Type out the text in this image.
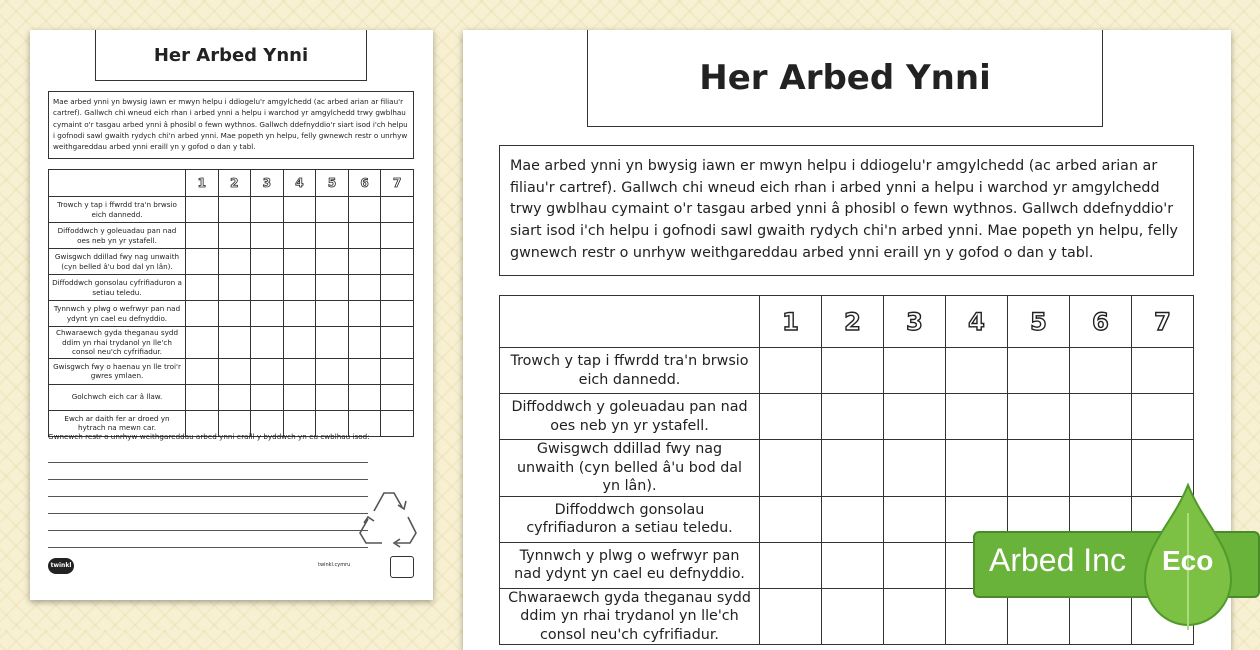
Her Arbed Ynni
Mae arbed ynni yn bwysig iawn er mwyn helpu i ddiogelu'r amgylchedd (ac arbed arian ar filiau'r cartref). Gallwch chi wneud eich rhan i arbed ynni a helpu i warchod yr amgylchedd trwy gwblhau cymaint o'r tasgau arbed ynni â phosibl o fewn wythnos. Gallwch ddefnyddio'r siart isod i'ch helpu i gofnodi sawl gwaith rydych chi'n arbed ynni. Mae popeth yn helpu, felly gwnewch restr o unrhyw weithgareddau arbed ynni eraill yn y gofod o dan y tabl.
	1	2	3	4	5	6	7
Trowch y tap i ffwrdd tra'n brwsio eich dannedd.							
Diffoddwch y goleuadau pan nad oes neb yn yr ystafell.							
Gwisgwch ddillad fwy nag unwaith (cyn belled â'u bod dal yn lân).							
Diffoddwch gonsolau cyfrifiaduron a setiau teledu.							
Tynnwch y plwg o wefrwyr pan nad ydynt yn cael eu defnyddio.							
Chwaraewch gyda theganau sydd ddim yn rhai trydanol yn lle'ch consol neu'ch cyfrifiadur.							
Gwisgwch fwy o haenau yn lle troi'r gwres ymlaen.							
Golchwch eich car â llaw.							
Ewch ar daith fer ar droed yn hytrach na mewn car.							
Gwnewch restr o unrhyw weithgareddau arbed ynni eraill y byddwch yn eu cwblhau isod:
twinkl	twinkl.cymru
Her Arbed Ynni
Mae arbed ynni yn bwysig iawn er mwyn helpu i ddiogelu'r amgylchedd (ac arbed arian ar filiau'r cartref). Gallwch chi wneud eich rhan i arbed ynni a helpu i warchod yr amgylchedd trwy gwblhau cymaint o'r tasgau arbed ynni â phosibl o fewn wythnos. Gallwch ddefnyddio'r siart isod i'ch helpu i gofnodi sawl gwaith rydych chi'n arbed ynni. Mae popeth yn helpu, felly gwnewch restr o unrhyw weithgareddau arbed ynni eraill yn y gofod o dan y tabl.
	1	2	3	4	5	6	7
Trowch y tap i ffwrdd tra'n brwsio eich dannedd.							
Diffoddwch y goleuadau pan nad oes neb yn yr ystafell.							
Gwisgwch ddillad fwy nag unwaith (cyn belled â'u bod dal yn lân).							
Diffoddwch gonsolau cyfrifiaduron a setiau teledu.							
Tynnwch y plwg o wefrwyr pan nad ydynt yn cael eu defnyddio.							
Chwaraewch gyda theganau sydd ddim yn rhai trydanol yn lle'ch consol neu'ch cyfrifiadur.							
Arbed Inc Eco
